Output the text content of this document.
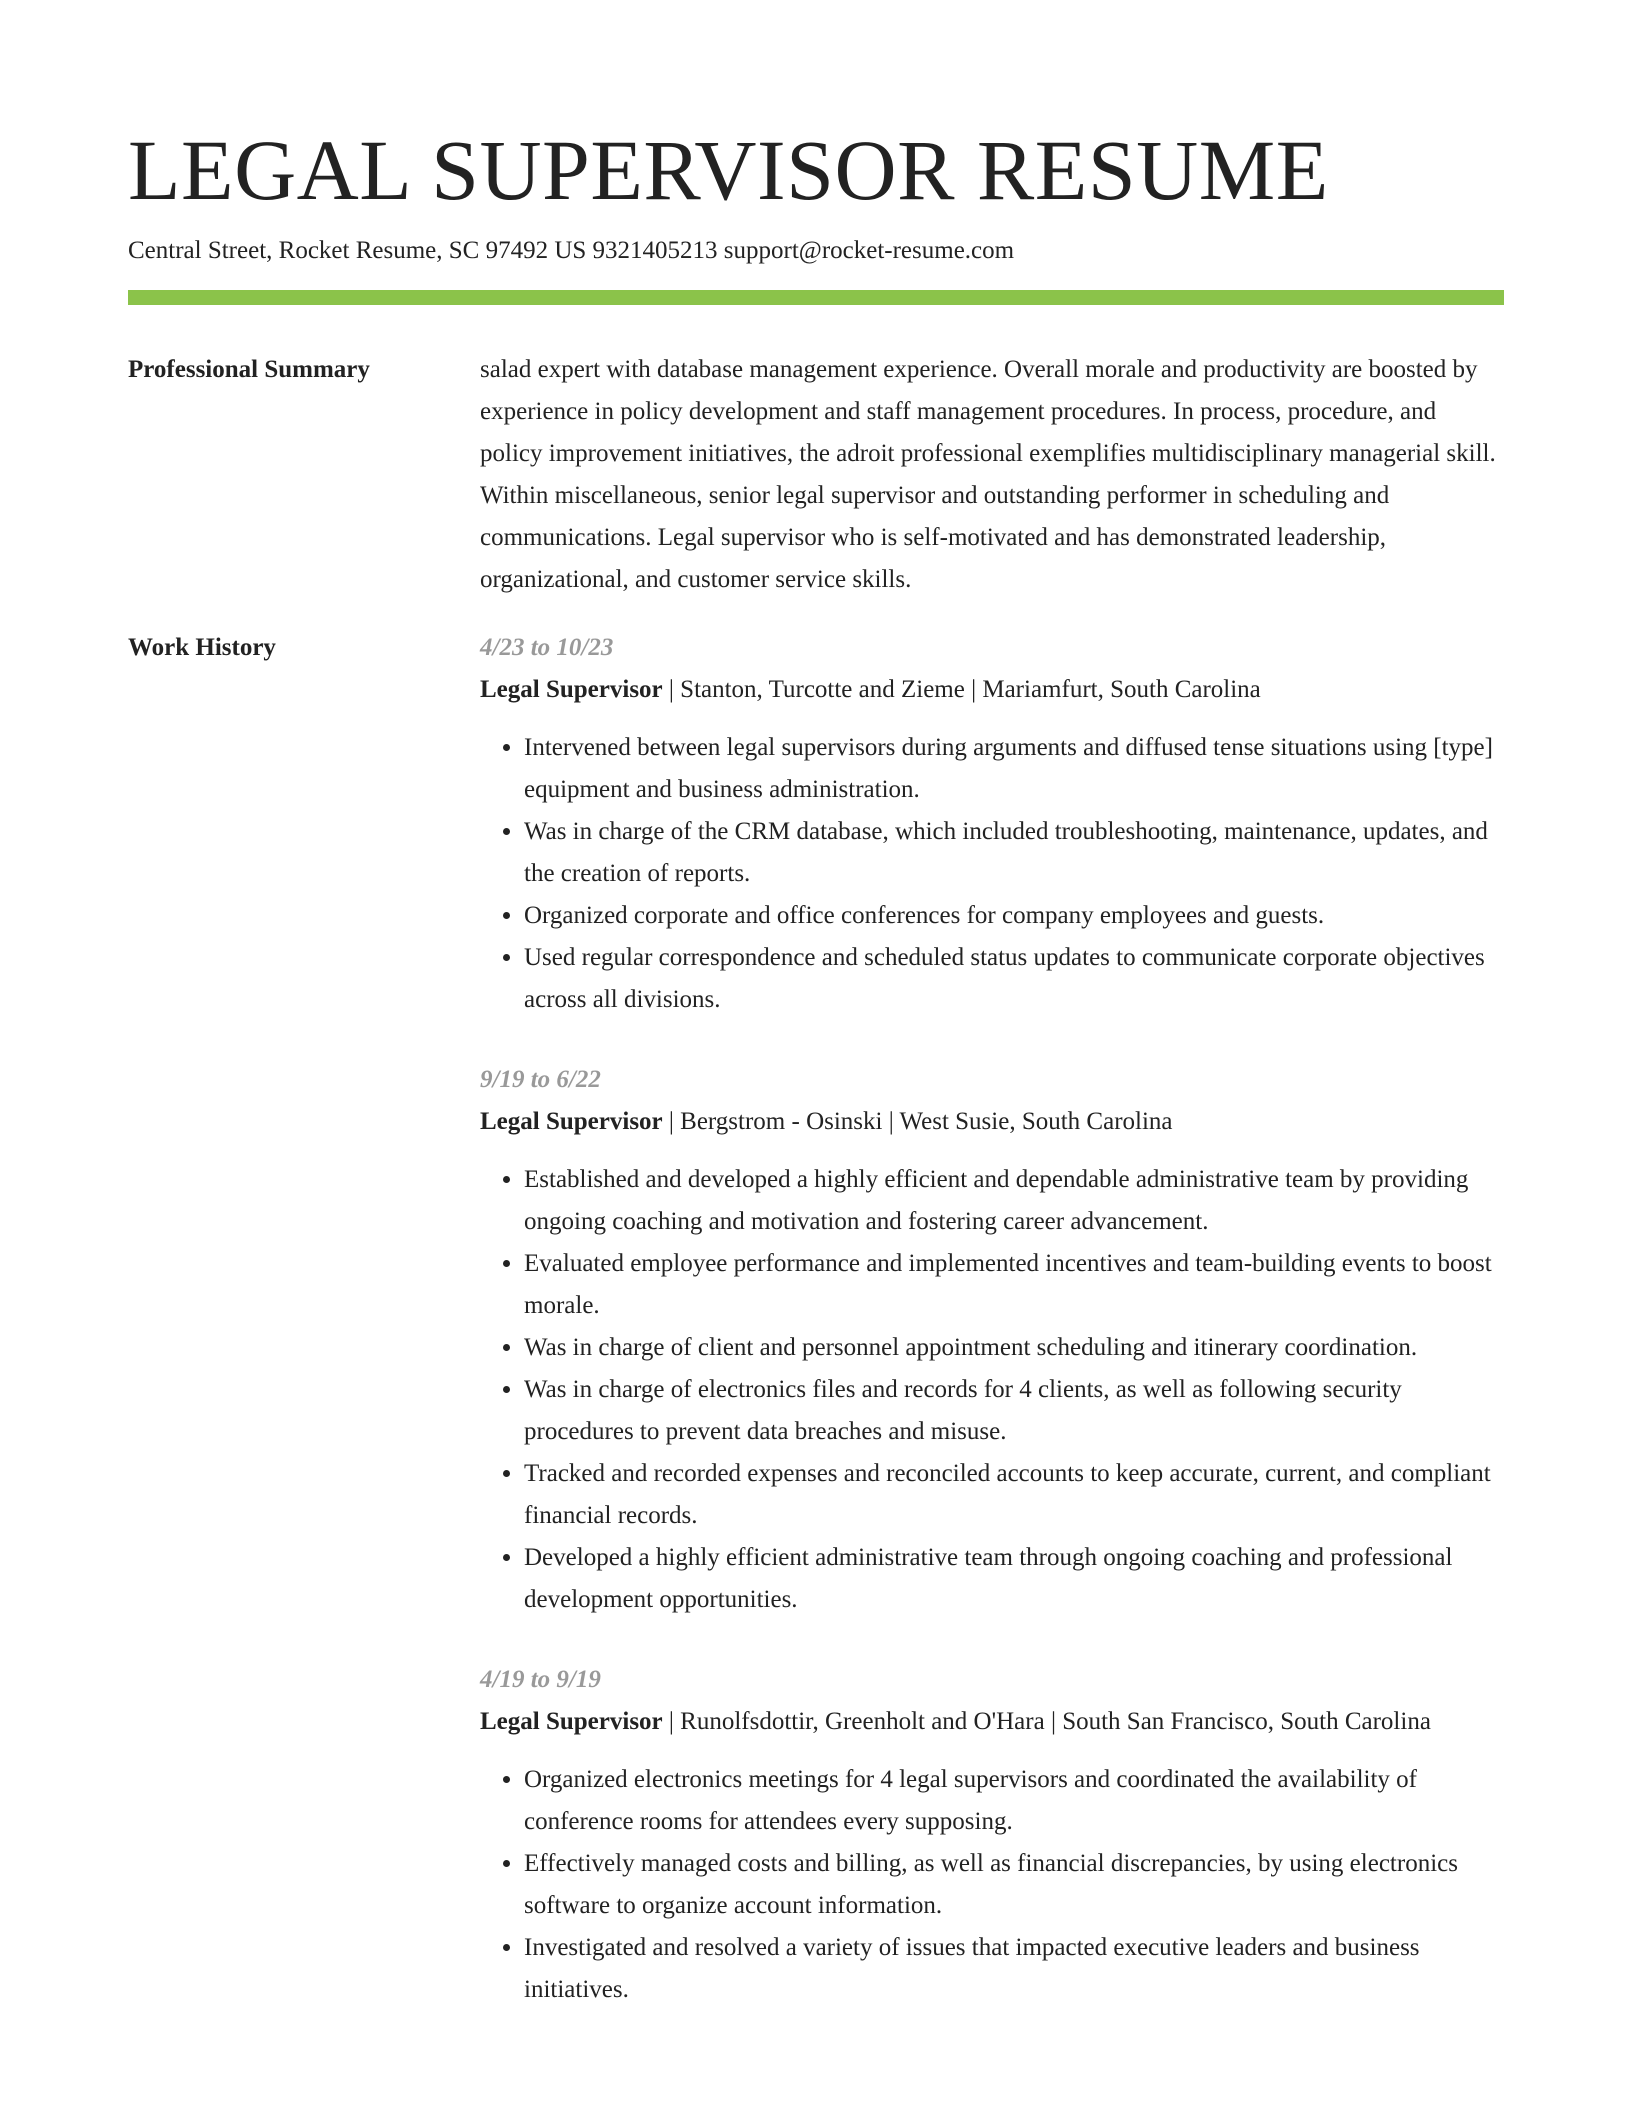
LEGAL SUPERVISOR RESUME
Central Street, Rocket Resume, SC 97492 US 9321405213 support@rocket-resume.com
Professional Summary	salad expert with database management experience. Overall morale and productivity are boosted by experience in policy development and staff management procedures. In process, procedure, and policy improvement initiatives, the adroit professional exemplifies multidisciplinary managerial skill. Within miscellaneous, senior legal supervisor and outstanding performer in scheduling and communications. Legal supervisor who is self-motivated and has demonstrated leadership, organizational, and customer service skills.
Work History	4/23 to 10/23
Legal Supervisor | Stanton, Turcotte and Zieme | Mariamfurt, South Carolina
• Intervened between legal supervisors during arguments and diffused tense situations using [type] equipment and business administration.
• Was in charge of the CRM database, which included troubleshooting, maintenance, updates, and the creation of reports.
• Organized corporate and office conferences for company employees and guests.
• Used regular correspondence and scheduled status updates to communicate corporate objectives across all divisions.
9/19 to 6/22
Legal Supervisor | Bergstrom - Osinski | West Susie, South Carolina
• Established and developed a highly efficient and dependable administrative team by providing ongoing coaching and motivation and fostering career advancement.
• Evaluated employee performance and implemented incentives and team-building events to boost morale.
• Was in charge of client and personnel appointment scheduling and itinerary coordination.
• Was in charge of electronics files and records for 4 clients, as well as following security procedures to prevent data breaches and misuse.
• Tracked and recorded expenses and reconciled accounts to keep accurate, current, and compliant financial records.
• Developed a highly efficient administrative team through ongoing coaching and professional development opportunities.
4/19 to 9/19
Legal Supervisor | Runolfsdottir, Greenholt and O'Hara | South San Francisco, South Carolina
• Organized electronics meetings for 4 legal supervisors and coordinated the availability of conference rooms for attendees every supposing.
• Effectively managed costs and billing, as well as financial discrepancies, by using electronics software to organize account information.
• Investigated and resolved a variety of issues that impacted executive leaders and business initiatives.
